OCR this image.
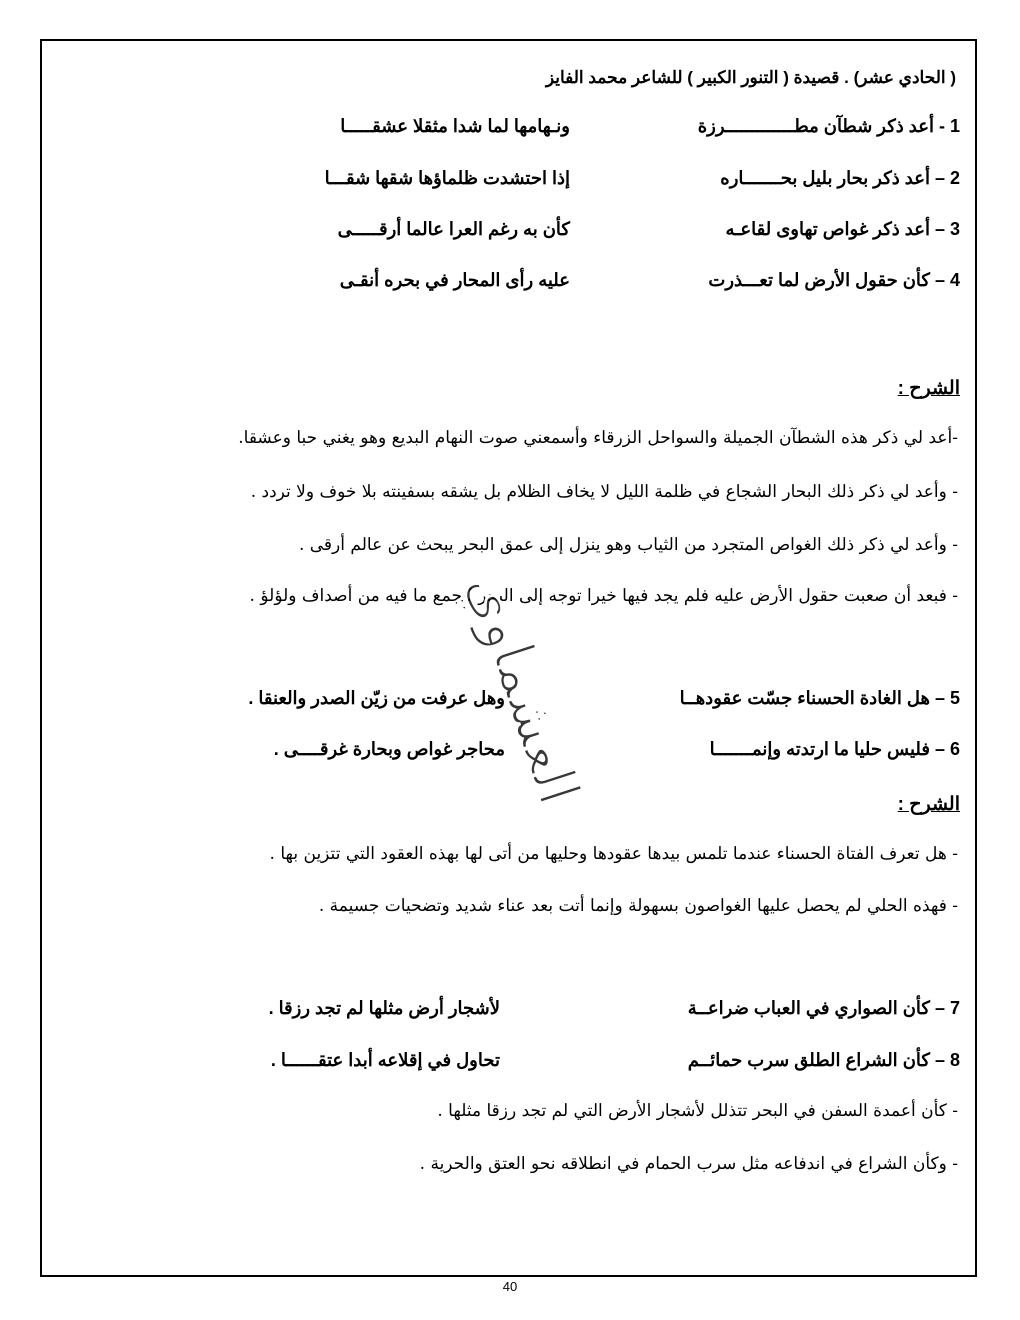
( الحادي عشر) . قصيدة ( التنور الكبير ) للشاعر محمد الفايز
1 - أعد ذكر شطآن مطـــــــــــــرزة
ونـهامها لما شدا مثقلا عشقـــــا
2 – أعد ذكر بحار بليل بحـــــــاره
إذا احتشدت ظلماؤها شقها شقـــا
3 – أعد ذكر غواص تهاوى لقاعـه
كأن به رغم العرا عالما أرقـــــى
4 – كأن حقول الأرض لما تعـــذرت
عليه رأى المحار في بحره أنقـى
الشرح :
-أعد لي ذكر هذه الشطآن الجميلة والسواحل الزرقاء وأسمعني صوت النهام البديع وهو يغني حبا وعشقا.
- وأعد لي ذكر ذلك البحار الشجاع في ظلمة الليل لا يخاف الظلام بل يشقه بسفينته بلا خوف ولا تردد .
- وأعد لي ذكر ذلك الغواص المتجرد من الثياب وهو ينزل إلى عمق البحر يبحث عن عالم أرقى .
- فبعد أن صعبت حقول الأرض عليه فلم يجد فيها خيرا توجه إلى البحر ليجمع ما فيه من أصداف ولؤلؤ .
5 – هل الغادة الحسناء جسّت عقودهــا
وهل عرفت من زيّن الصدر والعنقا .
6 – فليس حليا ما ارتدته وإنمـــــــا
محاجر غواص وبحارة غرقــــى .
الشرح :
- هل تعرف الفتاة الحسناء عندما تلمس بيدها عقودها وحليها من أتى لها بهذه العقود التي تتزين بها .
- فهذه الحلي لم يحصل عليها الغواصون بسهولة وإنما أتت بعد عناء شديد وتضحيات جسيمة .
7 – كأن الصواري في العباب ضراعــة
لأشجار أرض مثلها لم تجد رزقا .
8 – كأن الشراع الطلق سرب حمائــم
تحاول في إقلاعه أبدا عتقــــــا .
- كأن أعمدة السفن في البحر تتذلل لأشجار الأرض التي لم تجد رزقا مثلها .
- وكأن الشراع في اندفاعه مثل سرب الحمام في انطلاقه نحو العتق والحرية .
العشماوي
40
